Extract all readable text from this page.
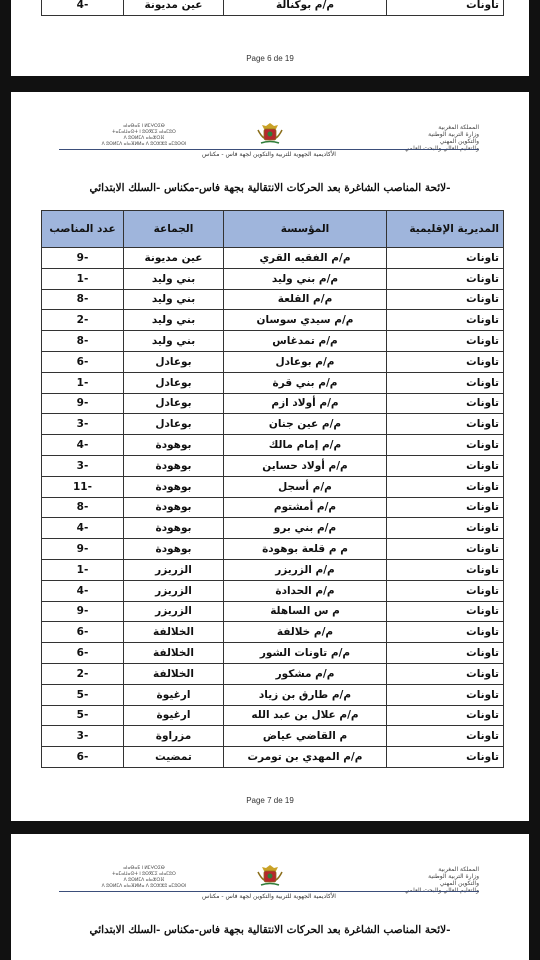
4-	عين مديونة	م/م بوكنالة	تاونات
Page 6 de 19
ⴰⵏⴰⴱⴰⴹ ⵏ ⵍⵎⵖⵔⵉⴱ
ⵜⴰⵎⴰⵡⴰⵙⵜ ⵏ ⵓⵙⴳⵎⵉ ⴰⵏⴰⵎⵓⵔ
ⴷ ⵓⵙⵍⵎⴷ ⴰⵏⴰⵣⵔⴼ
ⴷ ⵓⵙⵍⵎⴷ ⴰⵏⴰⴼⵍⵍⴰ ⴷ ⵓⵔⵣⵣⵓ ⴰⵎⵓⵙⵙⵏ
المملكة المغربية
وزارة التربية الوطنية
والتكوين المهني
والتعليم العالي والبحث العلمي
الأكاديمية الجهوية للتربية والتكوين لجهة فاس - مكناس
لائحة المناصب الشاغرة بعد الحركات الانتقالية بجهة فاس-مكناس -السلك الابتدائي-
عدد المناصب	الجماعة	المؤسسة	المديرية الإقليمية
9-	عين مديونة	م/م الفقيه القري	تاونات
1-	بني وليد	م/م بني وليد	تاونات
8-	بني وليد	م/م القلعة	تاونات
2-	بني وليد	م/م سيدي سوسان	تاونات
8-	بني وليد	م/م تمدغاس	تاونات
6-	بوعادل	م/م بوعادل	تاونات
1-	بوعادل	م/م بني قرة	تاونات
9-	بوعادل	م/م أولاد ازم	تاونات
3-	بوعادل	م/م عين جنان	تاونات
4-	بوهودة	م/م إمام مالك	تاونات
3-	بوهودة	م/م أولاد حساين	تاونات
11-	بوهودة	م/م أسجل	تاونات
8-	بوهودة	م/م أمشتوم	تاونات
4-	بوهودة	م/م بني برو	تاونات
9-	بوهودة	م م قلعة بوهودة	تاونات
1-	الزريزر	م/م الزريزر	تاونات
4-	الزريزر	م/م الحدادة	تاونات
9-	الزريزر	م س الساهلة	تاونات
6-	الخلالفة	م/م خلالفة	تاونات
6-	الخلالفة	م/م تاونات الشور	تاونات
2-	الخلالفة	م/م مشكور	تاونات
5-	ارغيوة	م/م طارق بن زياد	تاونات
5-	ارغيوة	م/م علال بن عبد الله	تاونات
3-	مزراوة	م القاضي عياض	تاونات
6-	تمضيت	م/م المهدي بن تومرت	تاونات
Page 7 de 19
ⴰⵏⴰⴱⴰⴹ ⵏ ⵍⵎⵖⵔⵉⴱ
ⵜⴰⵎⴰⵡⴰⵙⵜ ⵏ ⵓⵙⴳⵎⵉ ⴰⵏⴰⵎⵓⵔ
ⴷ ⵓⵙⵍⵎⴷ ⴰⵏⴰⵣⵔⴼ
ⴷ ⵓⵙⵍⵎⴷ ⴰⵏⴰⴼⵍⵍⴰ ⴷ ⵓⵔⵣⵣⵓ ⴰⵎⵓⵙⵙⵏ
المملكة المغربية
وزارة التربية الوطنية
والتكوين المهني
والتعليم العالي والبحث العلمي
الأكاديمية الجهوية للتربية والتكوين لجهة فاس - مكناس
لائحة المناصب الشاغرة بعد الحركات الانتقالية بجهة فاس-مكناس -السلك الابتدائي-
